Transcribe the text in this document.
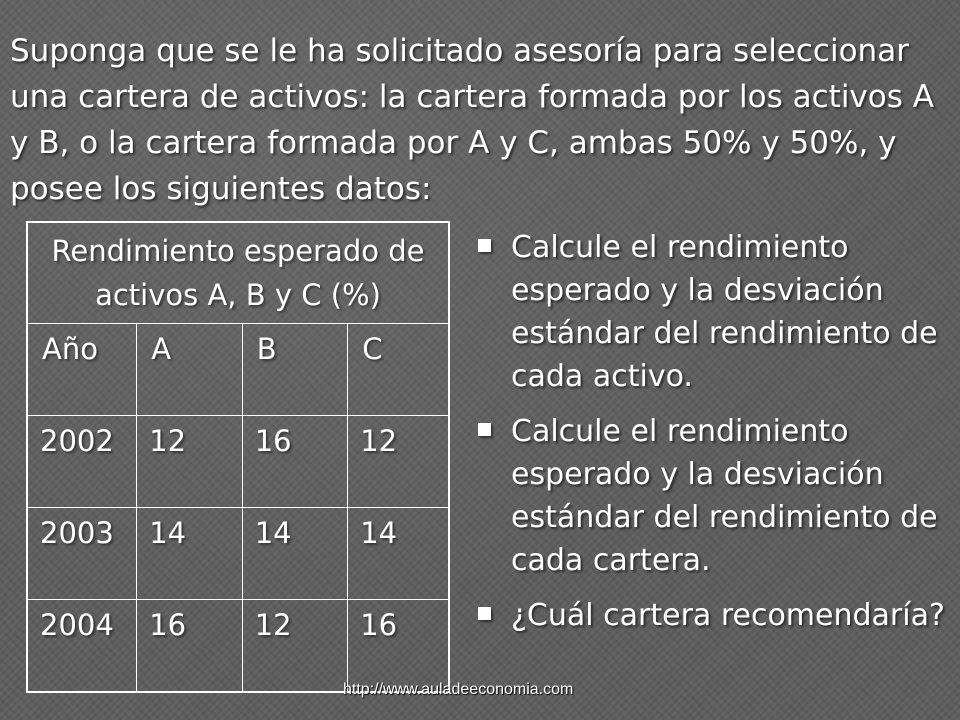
Suponga que se le ha solicitado asesoría para seleccionar una cartera de activos: la cartera formada por los activos A y B, o la cartera formada por A y C, ambas 50% y 50%, y posee los siguientes datos:
Rendimiento esperado de activos A, B y C (%)			
Año	A	B	C
2002	12	16	12
2003	14	14	14
2004	16	12	16
Calcule el rendimiento esperado y la desviación estándar del rendimiento de cada activo.
Calcule el rendimiento esperado y la desviación estándar del rendimiento de cada cartera.
¿Cuál cartera recomendaría?
http://www.auladeeconomia.com
